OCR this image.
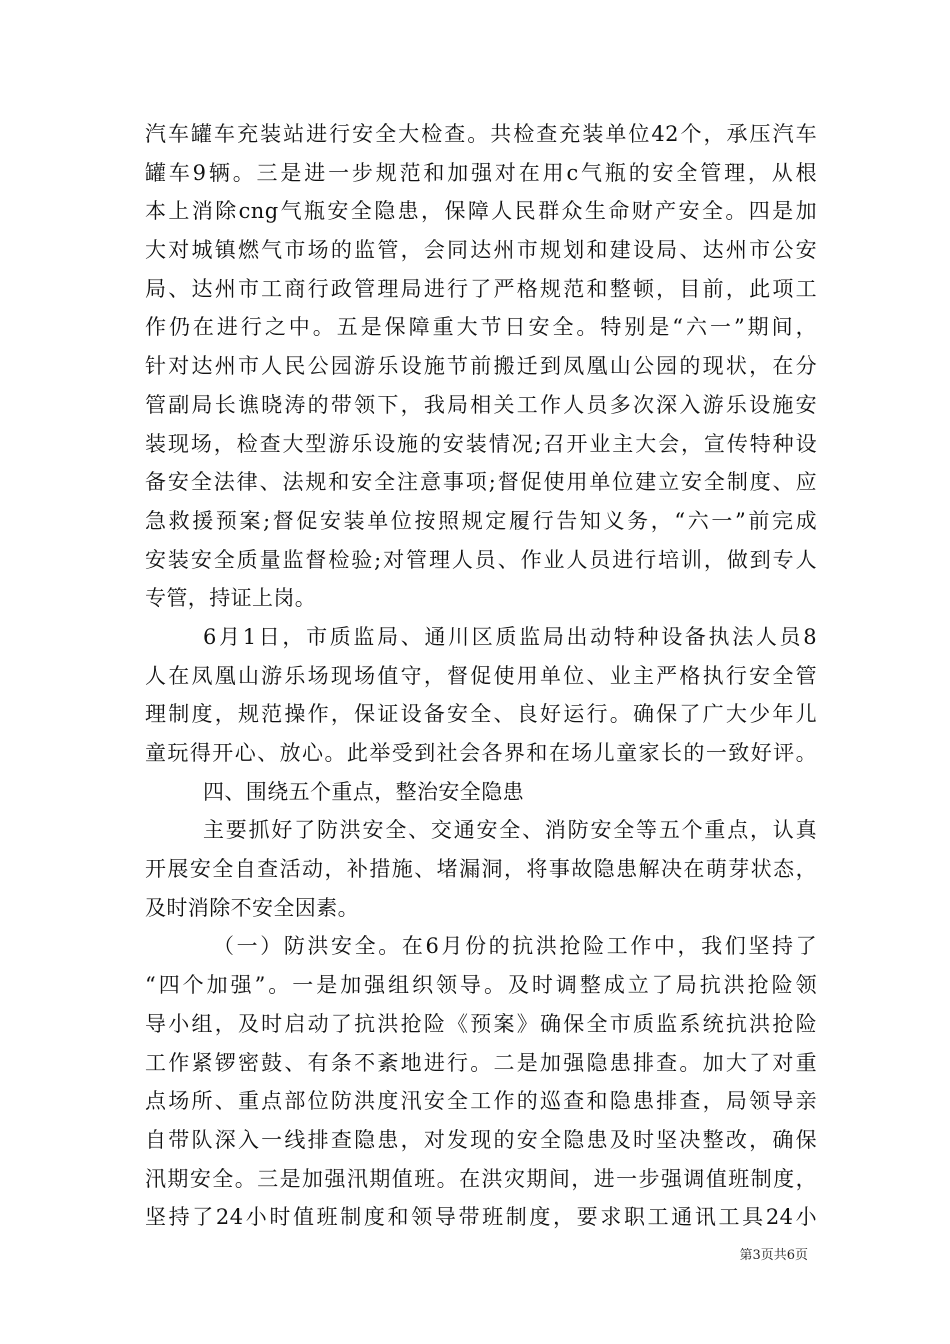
汽车罐车充装站进行安全大检查。共检查充装单位42个，承压汽车
罐车9辆。三是进一步规范和加强对在用c气瓶的安全管理，从根
本上消除cng气瓶安全隐患，保障人民群众生命财产安全。四是加
大对城镇燃气市场的监管，会同达州市规划和建设局、达州市公安
局、达州市工商行政管理局进行了严格规范和整顿，目前，此项工
作仍在进行之中。五是保障重大节日安全。特别是“六一”期间，
针对达州市人民公园游乐设施节前搬迁到凤凰山公园的现状，在分
管副局长谯晓涛的带领下，我局相关工作人员多次深入游乐设施安
装现场，检查大型游乐设施的安装情况;召开业主大会，宣传特种设
备安全法律、法规和安全注意事项;督促使用单位建立安全制度、应
急救援预案;督促安装单位按照规定履行告知义务，“六一”前完成
安装安全质量监督检验;对管理人员、作业人员进行培训，做到专人
专管，持证上岗。
6月1日，市质监局、通川区质监局出动特种设备执法人员8
人在凤凰山游乐场现场值守，督促使用单位、业主严格执行安全管
理制度，规范操作，保证设备安全、良好运行。确保了广大少年儿
童玩得开心、放心。此举受到社会各界和在场儿童家长的一致好评。
四、围绕五个重点，整治安全隐患
主要抓好了防洪安全、交通安全、消防安全等五个重点，认真
开展安全自查活动，补措施、堵漏洞，将事故隐患解决在萌芽状态，
及时消除不安全因素。
（一）防洪安全。在6月份的抗洪抢险工作中，我们坚持了
“四个加强”。一是加强组织领导。及时调整成立了局抗洪抢险领
导小组，及时启动了抗洪抢险《预案》确保全市质监系统抗洪抢险
工作紧锣密鼓、有条不紊地进行。二是加强隐患排查。加大了对重
点场所、重点部位防洪度汛安全工作的巡查和隐患排查，局领导亲
自带队深入一线排查隐患，对发现的安全隐患及时坚决整改，确保
汛期安全。三是加强汛期值班。在洪灾期间，进一步强调值班制度，
坚持了24小时值班制度和领导带班制度，要求职工通讯工具24小
第3页共6页
